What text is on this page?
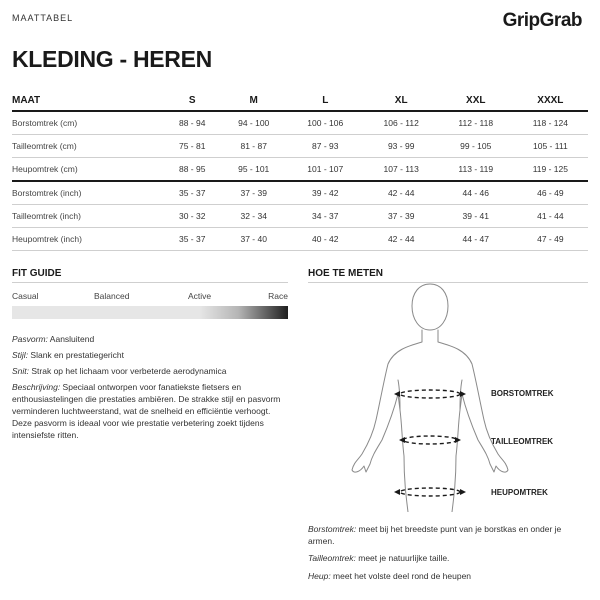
MAATTABEL	GripGrab
KLEDING - HEREN
MAAT	S	M	L	XL	XXL	XXXL
Borstomtrek (cm)	88 - 94	94 - 100	100 - 106	106 - 112	112 - 118	118 - 124
Tailleomtrek (cm)	75 - 81	81 - 87	87 - 93	93 - 99	99 - 105	105 - 111
Heupomtrek (cm)	88 - 95	95 - 101	101 - 107	107 - 113	113 - 119	119 - 125
Borstomtrek (inch)	35 - 37	37 - 39	39 - 42	42 - 44	44 - 46	46 - 49
Tailleomtrek (inch)	30 - 32	32 - 34	34 - 37	37 - 39	39 - 41	41 - 44
Heupomtrek (inch)	35 - 37	37 - 40	40 - 42	42 - 44	44 - 47	47 - 49
FIT GUIDE
Casual	Balanced	Active	Race
Pasvorm: Aansluitend
Stijl: Slank en prestatiegericht
Snit: Strak op het lichaam voor verbeterde aerodynamica
Beschrijving: Speciaal ontworpen voor fanatiekste fietsers en enthousiastelingen die prestaties ambiëren. De strakke stijl en pasvorm verminderen luchtweerstand, wat de snelheid en efficiëntie verhoogt. Deze pasvorm is ideaal voor wie prestatie verbetering zoekt tijdens intensiefste ritten.
HOE TE METEN
BORSTOMTREK
TAILLEOMTREK
HEUPOMTREK
Borstomtrek: meet bij het breedste punt van je borstkas en onder je armen.
Tailleomtrek: meet je natuurlijke taille.
Heup: meet het volste deel rond de heupen
